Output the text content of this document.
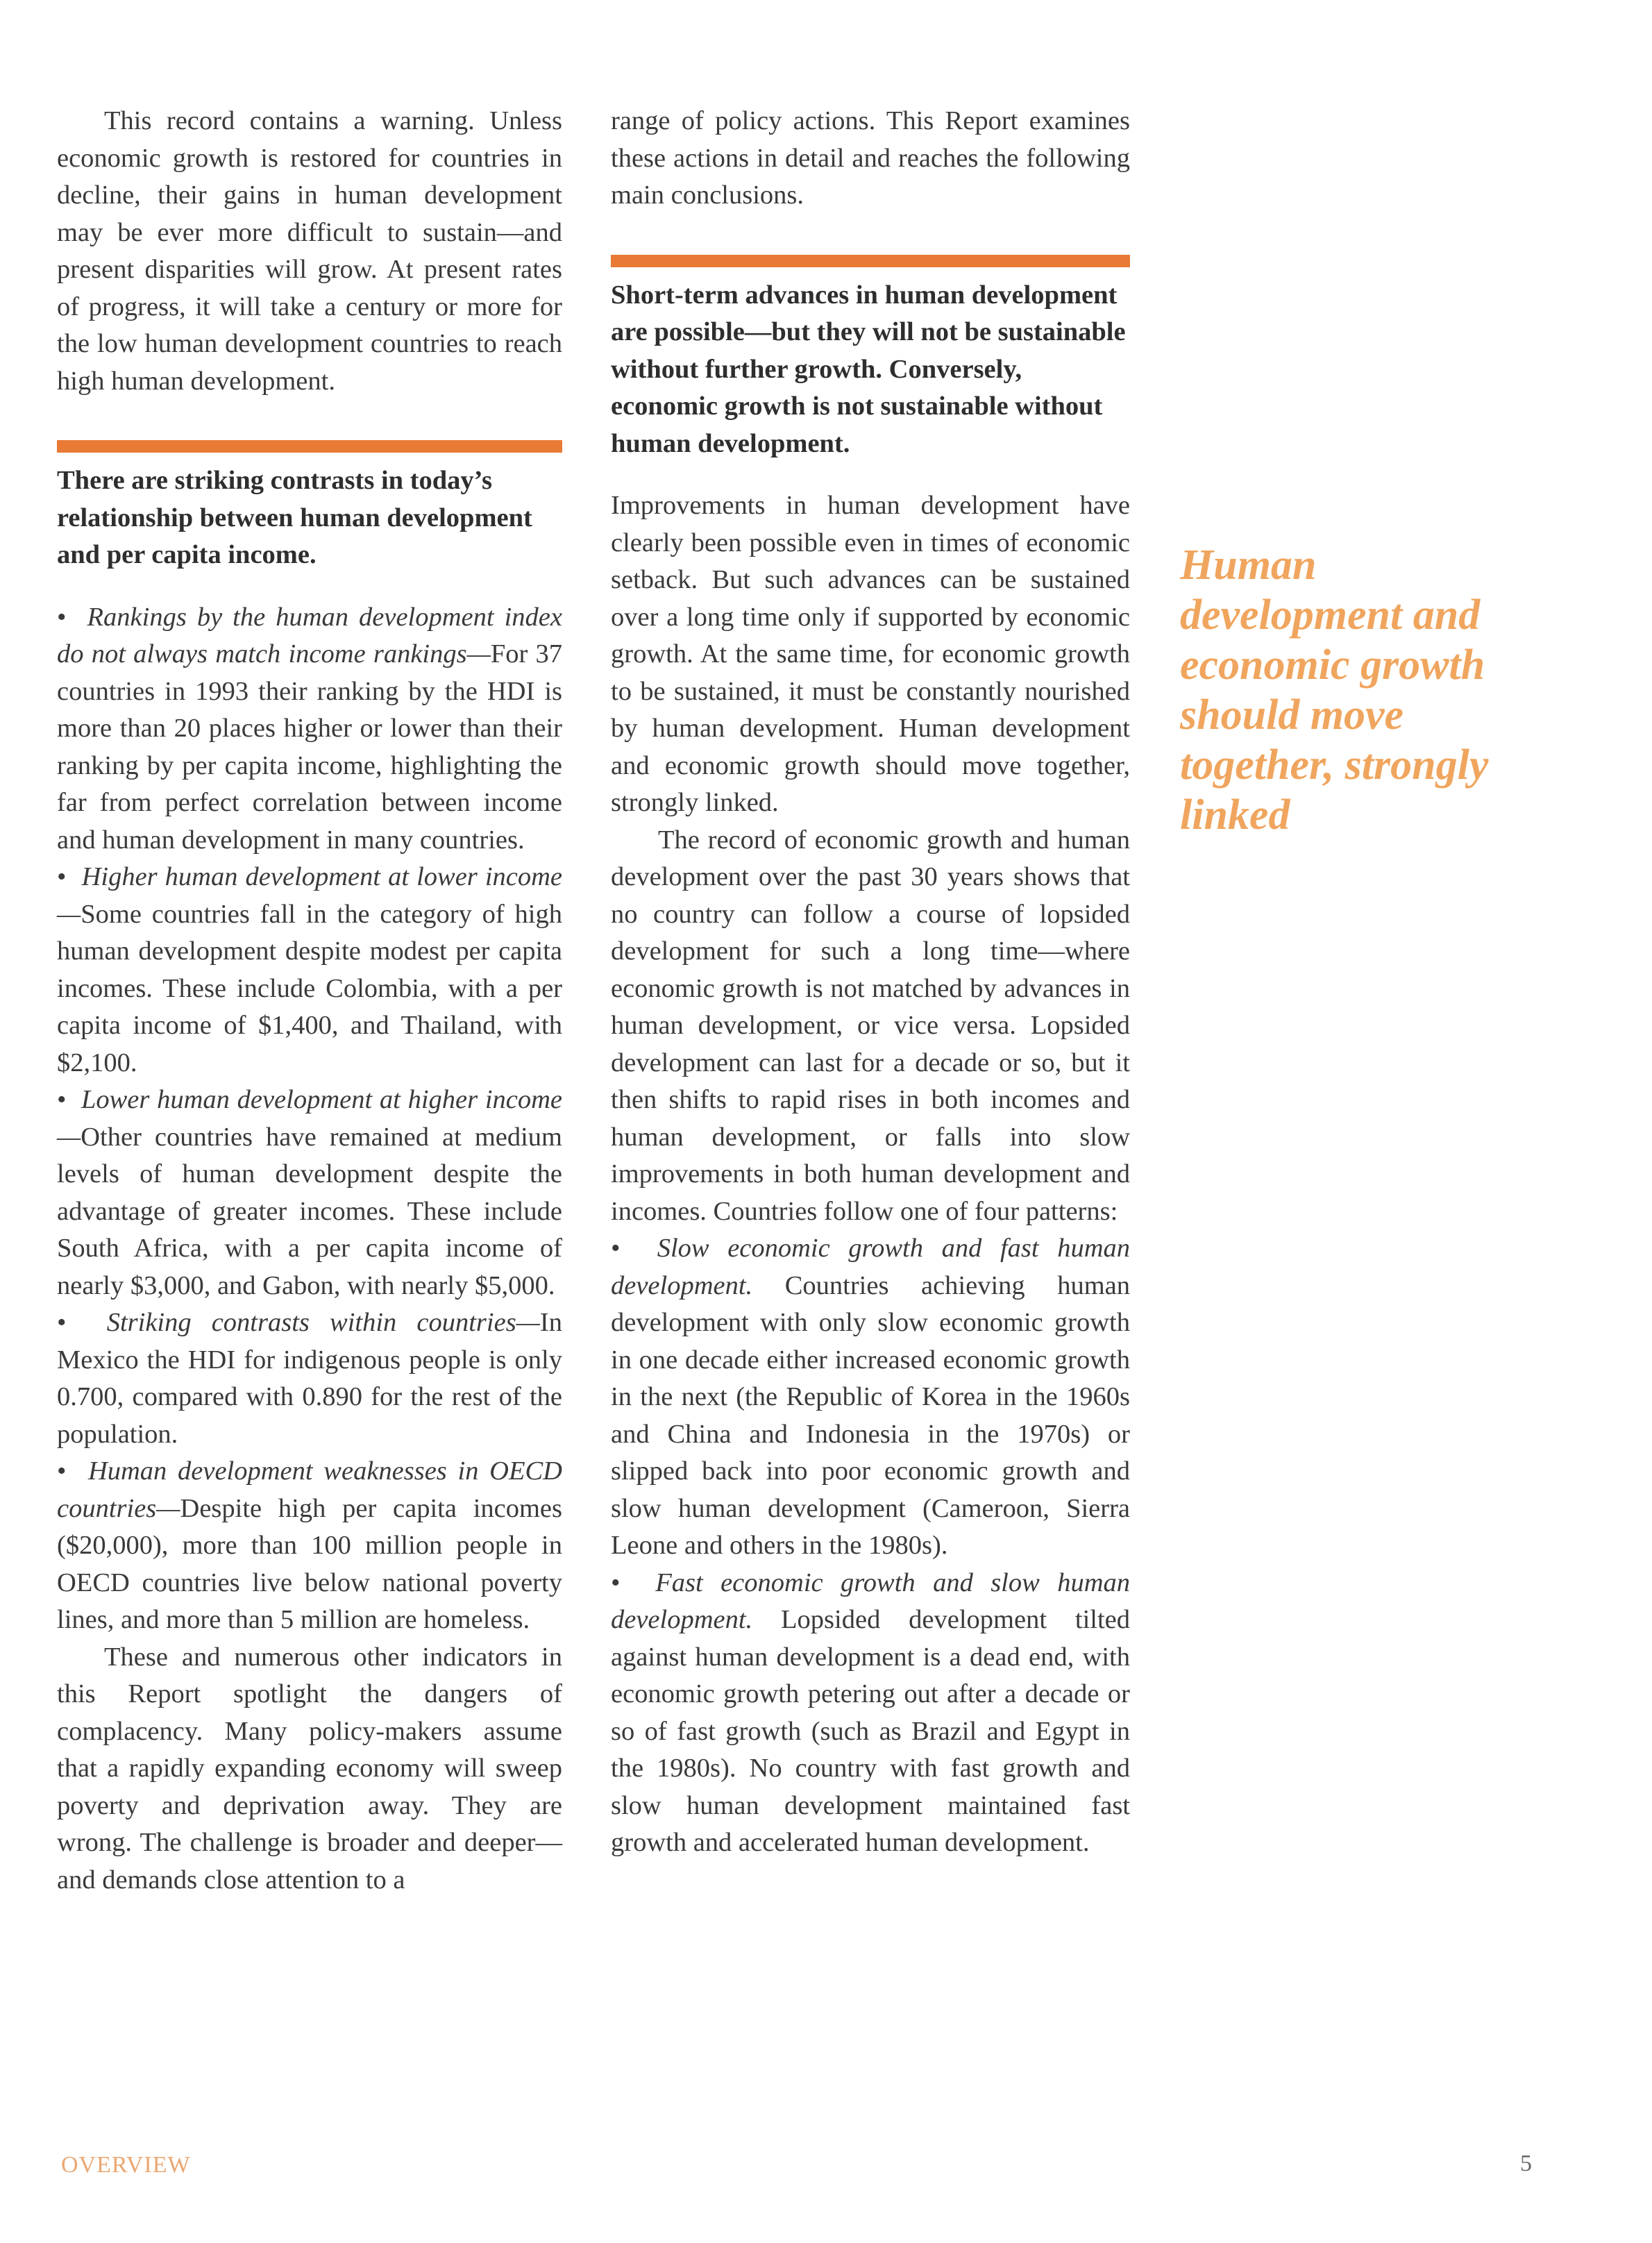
This record contains a warning. Unless economic growth is restored for countries in decline, their gains in human development may be ever more difficult to sustain—and present disparities will grow. At present rates of progress, it will take a century or more for the low human development countries to reach high human development.

There are striking contrasts in today’s relationship between human development and per capita income.

•  Rankings by the human development index do not always match income rankings—For 37 countries in 1993 their ranking by the HDI is more than 20 places higher or lower than their ranking by per capita income, highlighting the far from perfect correlation between income and human development in many countries.

•  Higher human development at lower income—Some countries fall in the category of high human development despite modest per capita incomes. These include Colombia, with a per capita income of $1,400, and Thailand, with $2,100.

•  Lower human development at higher income—Other countries have remained at medium levels of human development despite the advantage of greater incomes. These include South Africa, with a per capita income of nearly $3,000, and Gabon, with nearly $5,000.

•  Striking contrasts within countries—In Mexico the HDI for indigenous people is only 0.700, compared with 0.890 for the rest of the population.

•  Human development weaknesses in OECD countries—Despite high per capita incomes ($20,000), more than 100 million people in OECD countries live below national poverty lines, and more than 5 million are homeless.

These and numerous other indicators in this Report spotlight the dangers of complacency. Many policy-makers assume that a rapidly expanding economy will sweep poverty and deprivation away. They are wrong. The challenge is broader and deeper—and demands close attention to a

range of policy actions. This Report examines these actions in detail and reaches the following main conclusions.

Short-term advances in human development are possible—but they will not be sustainable without further growth. Conversely, economic growth is not sustainable without human development.

Improvements in human development have clearly been possible even in times of economic setback. But such advances can be sustained over a long time only if supported by economic growth. At the same time, for economic growth to be sustained, it must be constantly nourished by human development. Human development and economic growth should move together, strongly linked.

The record of economic growth and human development over the past 30 years shows that no country can follow a course of lopsided development for such a long time—where economic growth is not matched by advances in human development, or vice versa. Lopsided development can last for a decade or so, but it then shifts to rapid rises in both incomes and human development, or falls into slow improvements in both human development and incomes. Countries follow one of four patterns:

•  Slow economic growth and fast human development. Countries achieving human development with only slow economic growth in one decade either increased economic growth in the next (the Republic of Korea in the 1960s and China and Indonesia in the 1970s) or slipped back into poor economic growth and slow human development (Cameroon, Sierra Leone and others in the 1980s).

•  Fast economic growth and slow human development. Lopsided development tilted against human development is a dead end, with economic growth petering out after a decade or so of fast growth (such as Brazil and Egypt in the 1980s). No country with fast growth and slow human development maintained fast growth and accelerated human development.

Human development and economic growth should move together, strongly linked
OVERVIEW	5
